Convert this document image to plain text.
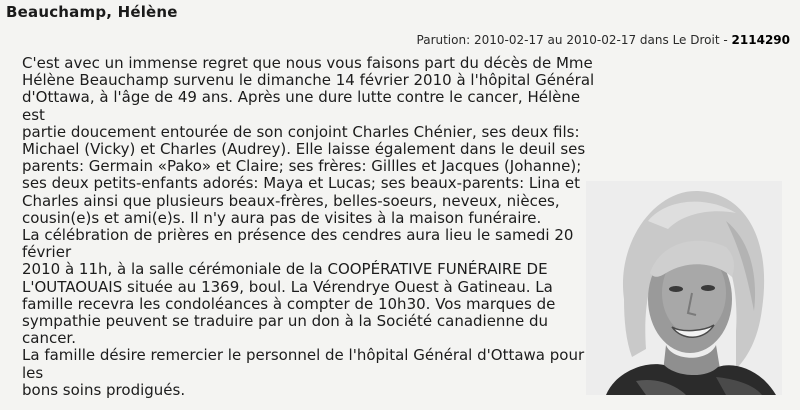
Beauchamp, Hélène
Parution: 2010-02-17 au 2010-02-17 dans Le Droit - 2114290
C'est avec un immense regret que nous vous faisons part du décès de Mme
Hélène Beauchamp survenu le dimanche 14 février 2010 à l'hôpital Général
d'Ottawa, à l'âge de 49 ans. Après une dure lutte contre le cancer, Hélène est
partie doucement entourée de son conjoint Charles Chénier, ses deux fils:
Michael (Vicky) et Charles (Audrey). Elle laisse également dans le deuil ses
parents: Germain «Pako» et Claire; ses frères: Gillles et Jacques (Johanne);
ses deux petits-enfants adorés: Maya et Lucas; ses beaux-parents: Lina et
Charles ainsi que plusieurs beaux-frères, belles-soeurs, neveux, nièces,
cousin(e)s et ami(e)s. Il n'y aura pas de visites à la maison funéraire.
La célébration de prières en présence des cendres aura lieu le samedi 20 février
2010 à 11h, à la salle cérémoniale de la COOPÉRATIVE FUNÉRAIRE DE
L'OUTAOUAIS située au 1369, boul. La Vérendrye Ouest à Gatineau. La
famille recevra les condoléances à compter de 10h30. Vos marques de
sympathie peuvent se traduire par un don à la Société canadienne du cancer.
La famille désire remercier le personnel de l'hôpital Général d'Ottawa pour les
bons soins prodigués.
